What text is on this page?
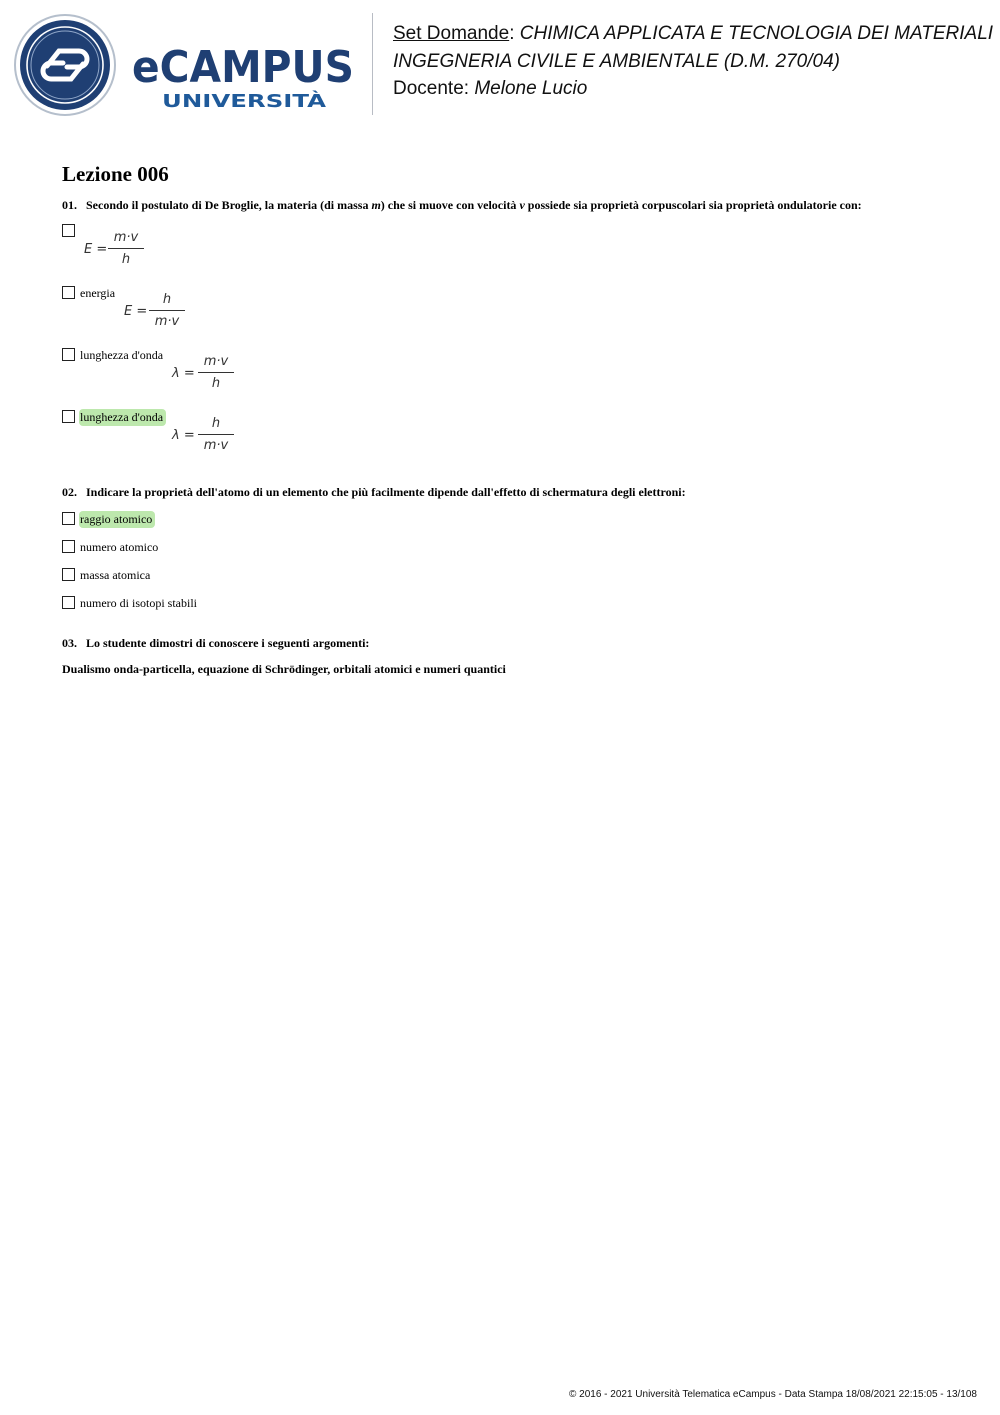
eCAMPUS
UNIVERSITÀ
Set Domande: CHIMICA APPLICATA E TECNOLOGIA DEI MATERIALI
INGEGNERIA CIVILE E AMBIENTALE (D.M. 270/04)
Docente: Melone Lucio
Lezione 006
01. Secondo il postulato di De Broglie, la materia (di massa m) che si muove con velocità v possiede sia proprietà corpuscolari sia proprietà ondulatorie con:
E =
m·v
h
energia
E =
h
m·v
lunghezza d'onda
λ =
m·v
h
lunghezza d'onda
λ =
h
m·v
02. Indicare la proprietà dell'atomo di un elemento che più facilmente dipende dall'effetto di schermatura degli elettroni:
raggio atomico
numero atomico
massa atomica
numero di isotopi stabili
03. Lo studente dimostri di conoscere i seguenti argomenti:
Dualismo onda-particella, equazione di Schrödinger, orbitali atomici e numeri quantici
© 2016 - 2021 Università Telematica eCampus - Data Stampa 18/08/2021 22:15:05 - 13/108
